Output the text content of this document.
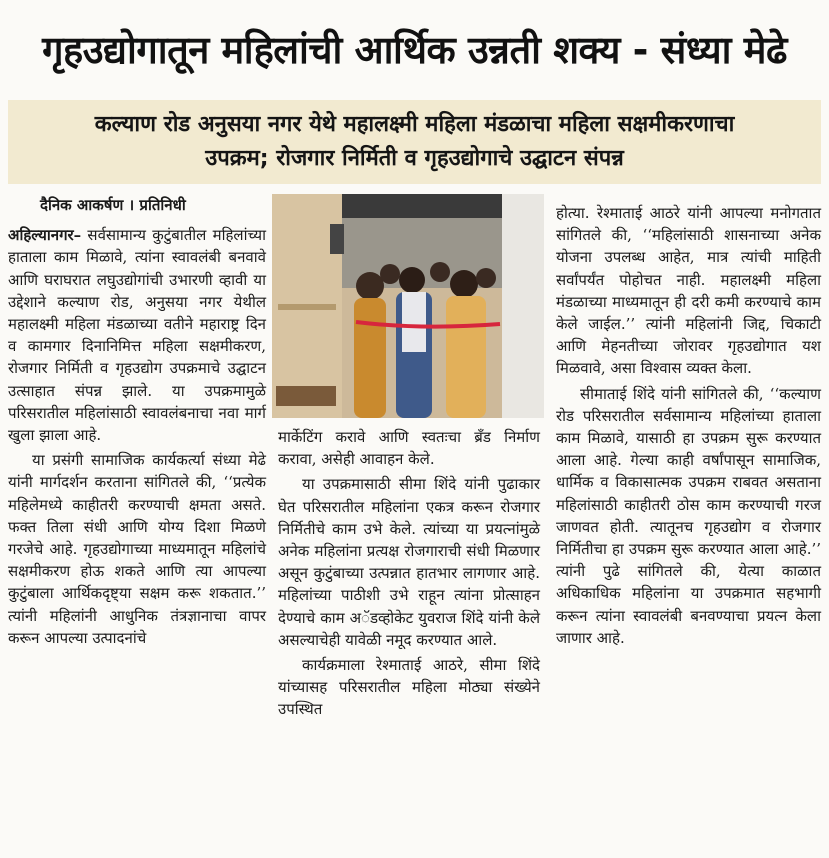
गृहउद्योगातून महिलांची आर्थिक उन्नती शक्य - संध्या मेढे
कल्याण रोड अनुसया नगर येथे महालक्ष्मी महिला मंडळाचा महिला सक्षमीकरणाचा
उपक्रम; रोजगार निर्मिती व गृहउद्योगाचे उद्घाटन संपन्न
दैनिक आकर्षण । प्रतिनिधी

अहिल्यानगर– सर्वसामान्य कुटुंबातील महिलांच्या हाताला काम मिळावे, त्यांना स्वावलंबी बनवावे आणि घराघरात लघुउद्योगांची उभारणी व्हावी या उद्देशाने कल्याण रोड, अनुसया नगर येथील महालक्ष्मी महिला मंडळाच्या वतीने महाराष्ट्र दिन व कामगार दिनानिमित्त महिला सक्षमीकरण, रोजगार निर्मिती व गृहउद्योग उपक्रमाचे उद्घाटन उत्साहात संपन्न झाले. या उपक्रमामुळे परिसरातील महिलांसाठी स्वावलंबनाचा नवा मार्ग खुला झाला आहे.

या प्रसंगी सामाजिक कार्यकर्त्या संध्या मेढे यांनी मार्गदर्शन करताना सांगितले की, ‘‘प्रत्येक महिलेमध्ये काहीतरी करण्याची क्षमता असते. फक्त तिला संधी आणि योग्य दिशा मिळणे गरजेचे आहे. गृहउद्योगाच्या माध्यमातून महिलांचे सक्षमीकरण होऊ शकते आणि त्या आपल्या कुटुंबाला आर्थिकदृष्ट्या सक्षम करू शकतात.’’ त्यांनी महिलांनी आधुनिक तंत्रज्ञानाचा वापर करून आपल्या उत्पादनांचे

मार्केटिंग करावे आणि स्वतःचा ब्रँड निर्माण करावा, असेही आवाहन केले.

या उपक्रमासाठी सीमा शिंदे यांनी पुढाकार घेत परिसरातील महिलांना एकत्र करून रोजगार निर्मितीचे काम उभे केले. त्यांच्या या प्रयत्नांमुळे अनेक महिलांना प्रत्यक्ष रोजगाराची संधी मिळणार असून कुटुंबाच्या उत्पन्नात हातभार लागणार आहे. महिलांच्या पाठीशी उभे राहून त्यांना प्रोत्साहन देण्याचे काम अॅडव्होकेट युवराज शिंदे यांनी केले असल्याचेही यावेळी नमूद करण्यात आले.

कार्यक्रमाला रेश्माताई आठरे, सीमा शिंदे यांच्यासह परिसरातील महिला मोठ्या संख्येने उपस्थित

होत्या. रेश्माताई आठरे यांनी आपल्या मनोगतात सांगितले की, ‘‘महिलांसाठी शासनाच्या अनेक योजना उपलब्ध आहेत, मात्र त्यांची माहिती सर्वांपर्यंत पोहोचत नाही. महालक्ष्मी महिला मंडळाच्या माध्यमातून ही दरी कमी करण्याचे काम केले जाईल.’’ त्यांनी महिलांनी जिद्द, चिकाटी आणि मेहनतीच्या जोरावर गृहउद्योगात यश मिळवावे, असा विश्वास व्यक्त केला.

सीमाताई शिंदे यांनी सांगितले की, ‘‘कल्याण रोड परिसरातील सर्वसामान्य महिलांच्या हाताला काम मिळावे, यासाठी हा उपक्रम सुरू करण्यात आला आहे. गेल्या काही वर्षांपासून सामाजिक, धार्मिक व विकासात्मक उपक्रम राबवत असताना महिलांसाठी काहीतरी ठोस काम करण्याची गरज जाणवत होती. त्यातूनच गृहउद्योग व रोजगार निर्मितीचा हा उपक्रम सुरू करण्यात आला आहे.’’ त्यांनी पुढे सांगितले की, येत्या काळात अधिकाधिक महिलांना या उपक्रमात सहभागी करून त्यांना स्वावलंबी बनवण्याचा प्रयत्न केला जाणार आहे.
